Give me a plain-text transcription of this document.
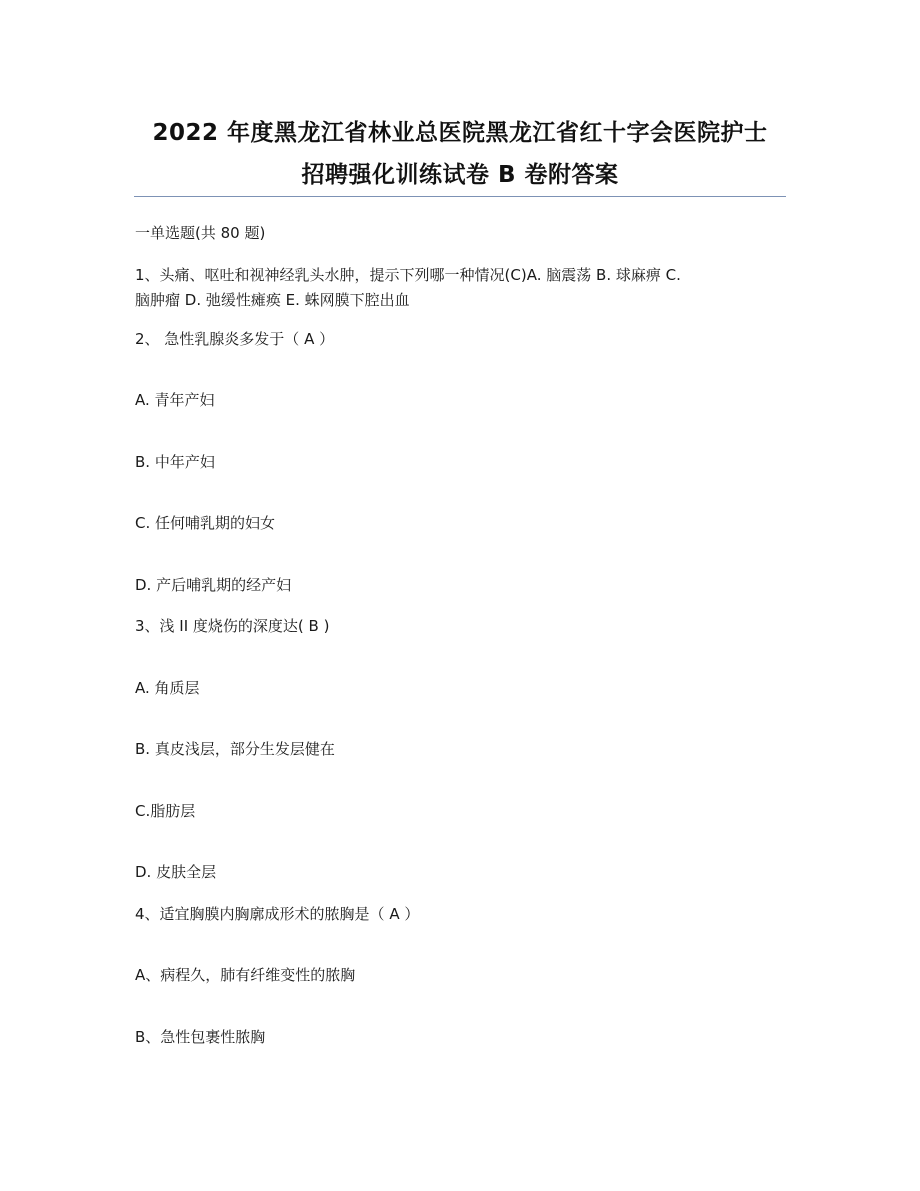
2022 年度黑龙江省林业总医院黑龙江省红十字会医院护士
招聘强化训练试卷 B 卷附答案
一单选题(共 80 题)
1、头痛、呕吐和视神经乳头水肿，提示下列哪一种情况(C)A. 脑震荡 B. 球麻痹 C.
脑肿瘤 D. 弛缓性瘫痪 E. 蛛网膜下腔出血
2、 急性乳腺炎多发于（ A ）
A. 青年产妇
B. 中年产妇
C. 任何哺乳期的妇女
D. 产后哺乳期的经产妇
3、浅 II 度烧伤的深度达( B )
A. 角质层
B. 真皮浅层，部分生发层健在
C.脂肪层
D. 皮肤全层
4、适宜胸膜内胸廓成形术的脓胸是（ A ）
A、病程久，肺有纤维变性的脓胸
B、急性包裹性脓胸
